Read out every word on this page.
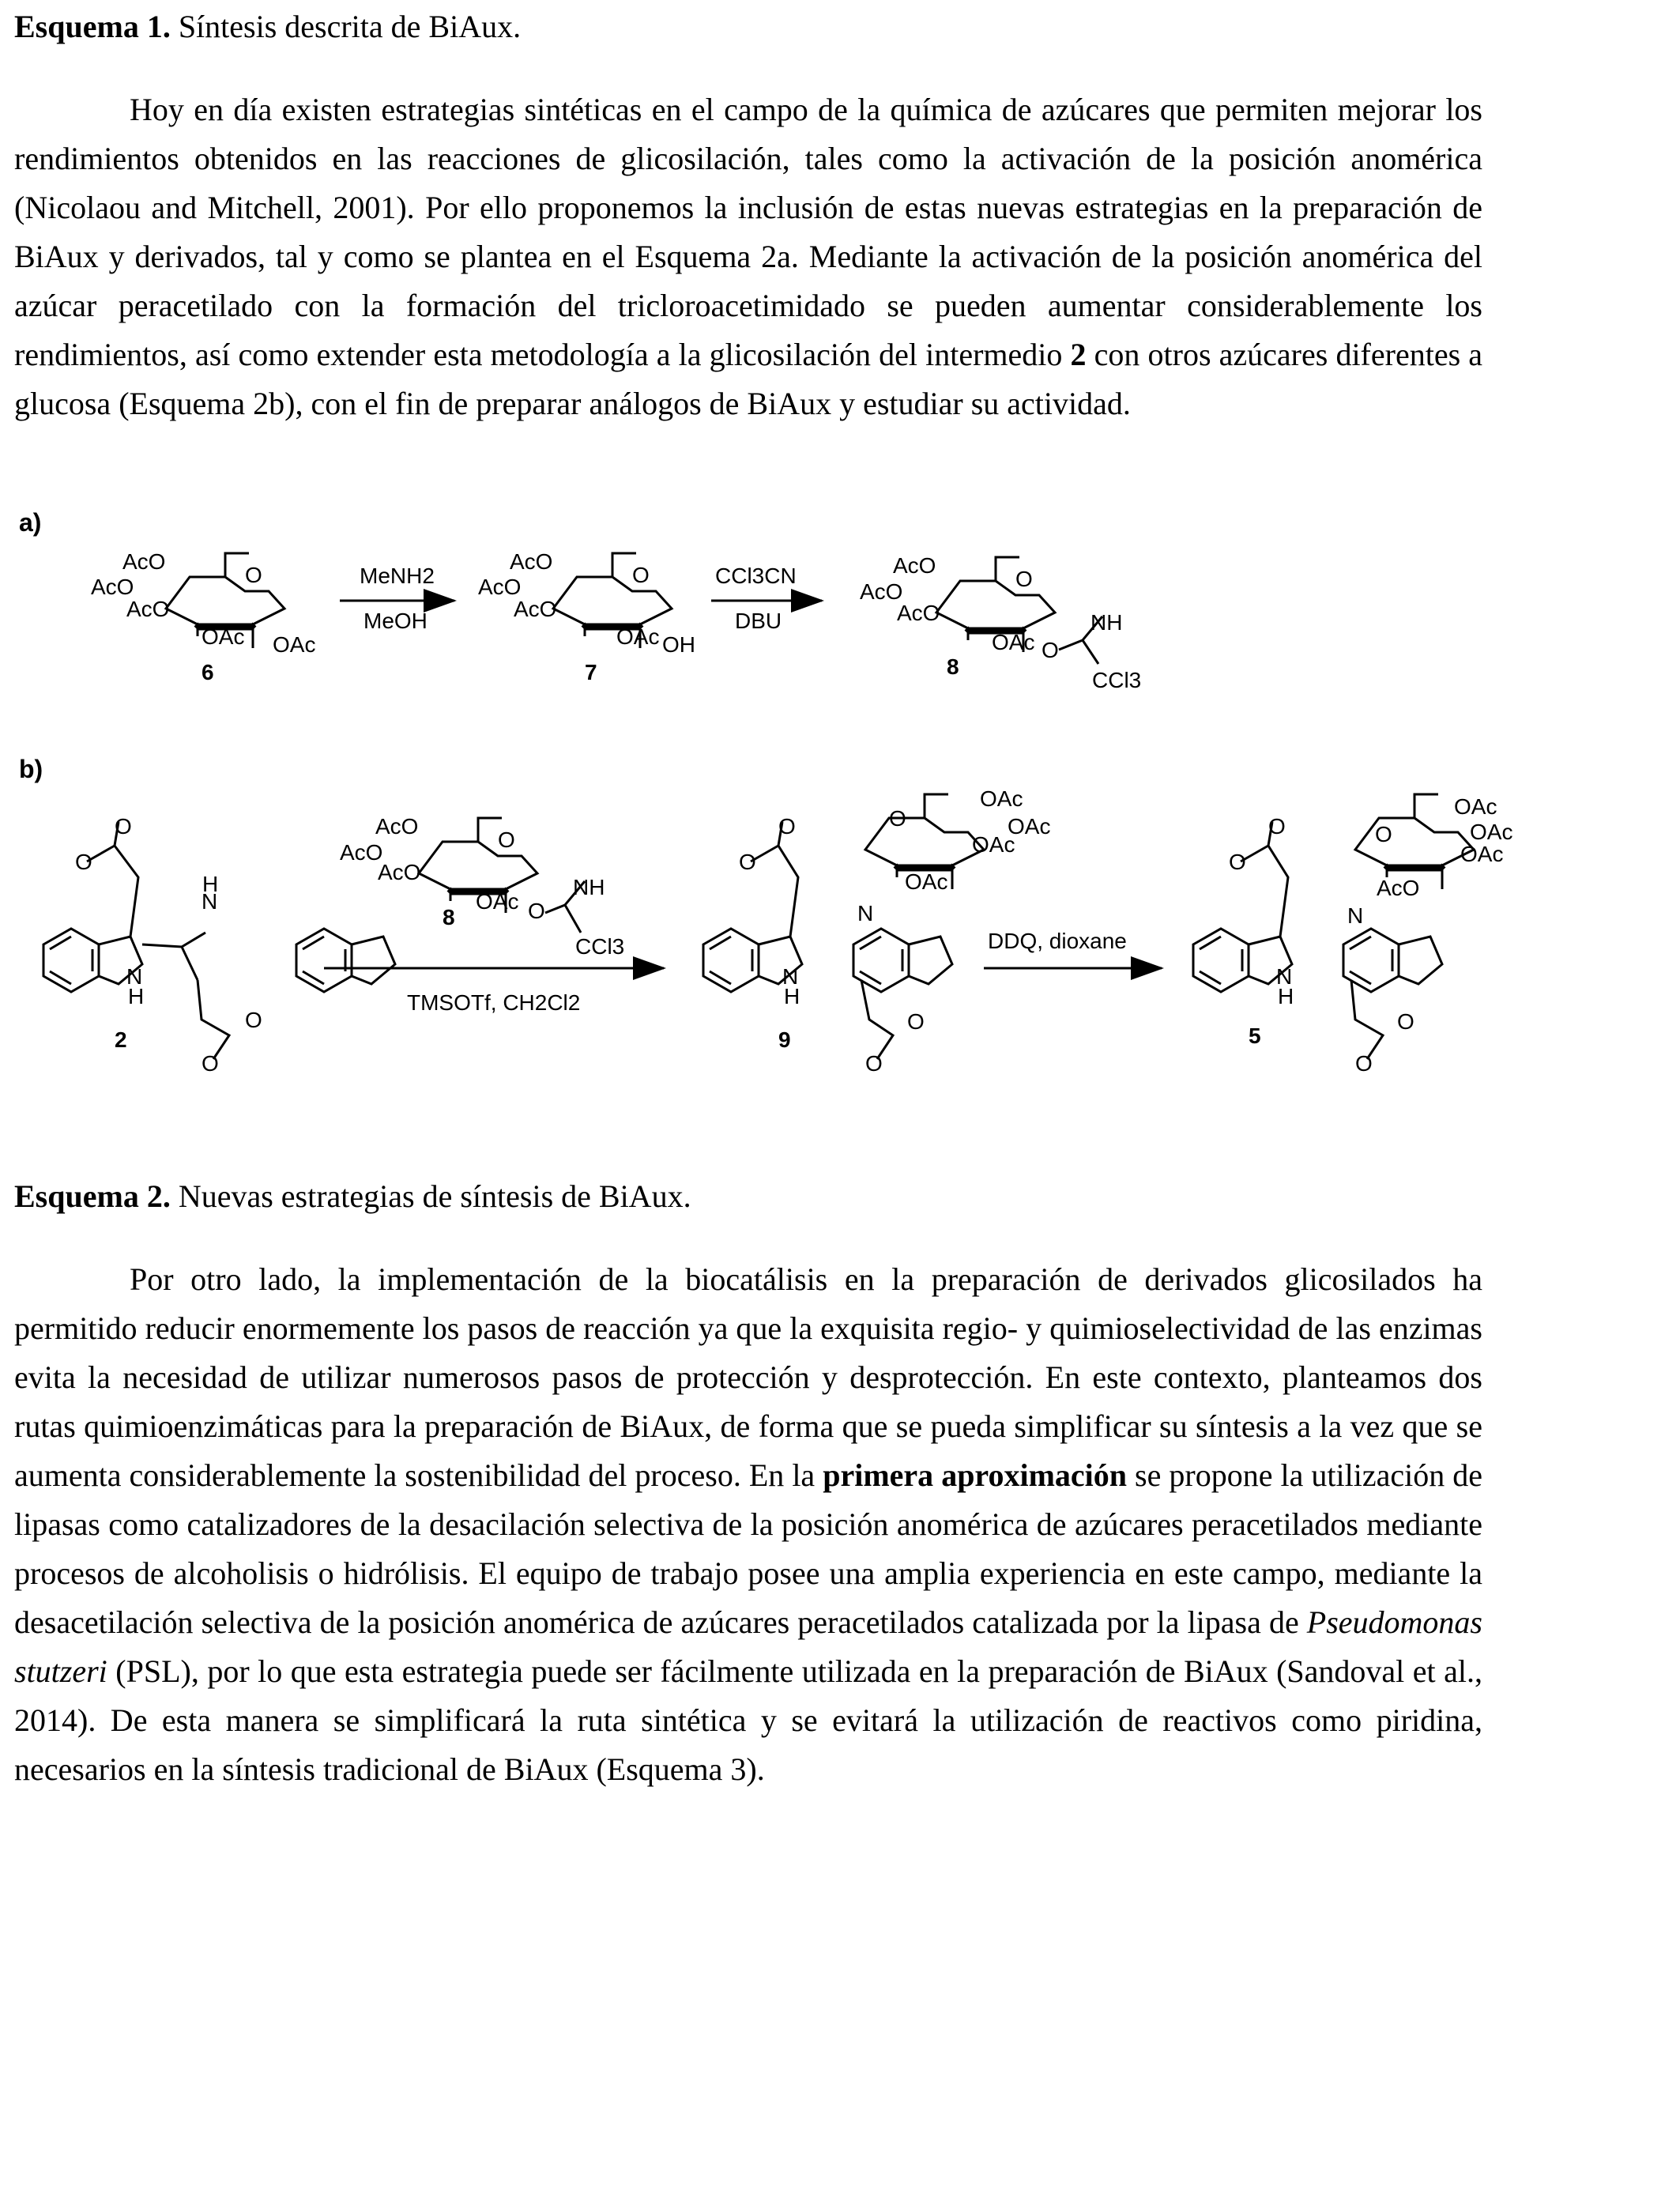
Esquema 1. Síntesis descrita de BiAux.
Hoy en día existen estrategias sintéticas en el campo de la química de azúcares que permiten mejorar los rendimientos obtenidos en las reacciones de glicosilación, tales como la activación de la posición anomérica (Nicolaou and Mitchell, 2001). Por ello proponemos la inclusión de estas nuevas estrategias en la preparación de BiAux y derivados, tal y como se plantea en el Esquema 2a. Mediante la activación de la posición anomérica del azúcar peracetilado con la formación del tricloroacetimidado se pueden aumentar considerablemente los rendimientos, así como extender esta metodología a la glicosilación del intermedio 2 con otros azúcares diferentes a glucosa (Esquema 2b), con el fin de preparar análogos de BiAux y estudiar su actividad.
a)
AcO
AcO
AcO
O
OAc OAc
6
MeNH2
MeOH
AcO
AcO
AcO
O
OAc OH
7
CCl3CN
DBU
AcO
AcO
AcO
O
OAc O
NH
CCl3
8
b)
O
O
N
H
N
H
O
O
2
AcO
AcO
AcO
O
OAc O
NH
CCl3
8
TMSOTf, CH2Cl2
O
O
N
H
N
O
OAc
OAc
OAc
OAc
O
O
9
DDQ, dioxane
O
O
N
H
N
O
OAc
OAc
OAc
AcO
O
O
5
Esquema 2. Nuevas estrategias de síntesis de BiAux.
Por otro lado, la implementación de la biocatálisis en la preparación de derivados glicosilados ha permitido reducir enormemente los pasos de reacción ya que la exquisita regio- y quimioselectividad de las enzimas evita la necesidad de utilizar numerosos pasos de protección y desprotección. En este contexto, planteamos dos rutas quimioenzimáticas para la preparación de BiAux, de forma que se pueda simplificar su síntesis a la vez que se aumenta considerablemente la sostenibilidad del proceso. En la primera aproximación se propone la utilización de lipasas como catalizadores de la desacilación selectiva de la posición anomérica de azúcares peracetilados mediante procesos de alcoholisis o hidrólisis. El equipo de trabajo posee una amplia experiencia en este campo, mediante la desacetilación selectiva de la posición anomérica de azúcares peracetilados catalizada por la lipasa de Pseudomonas stutzeri (PSL), por lo que esta estrategia puede ser fácilmente utilizada en la preparación de BiAux (Sandoval et al., 2014). De esta manera se simplificará la ruta sintética y se evitará la utilización de reactivos como piridina, necesarios en la síntesis tradicional de BiAux (Esquema 3).
